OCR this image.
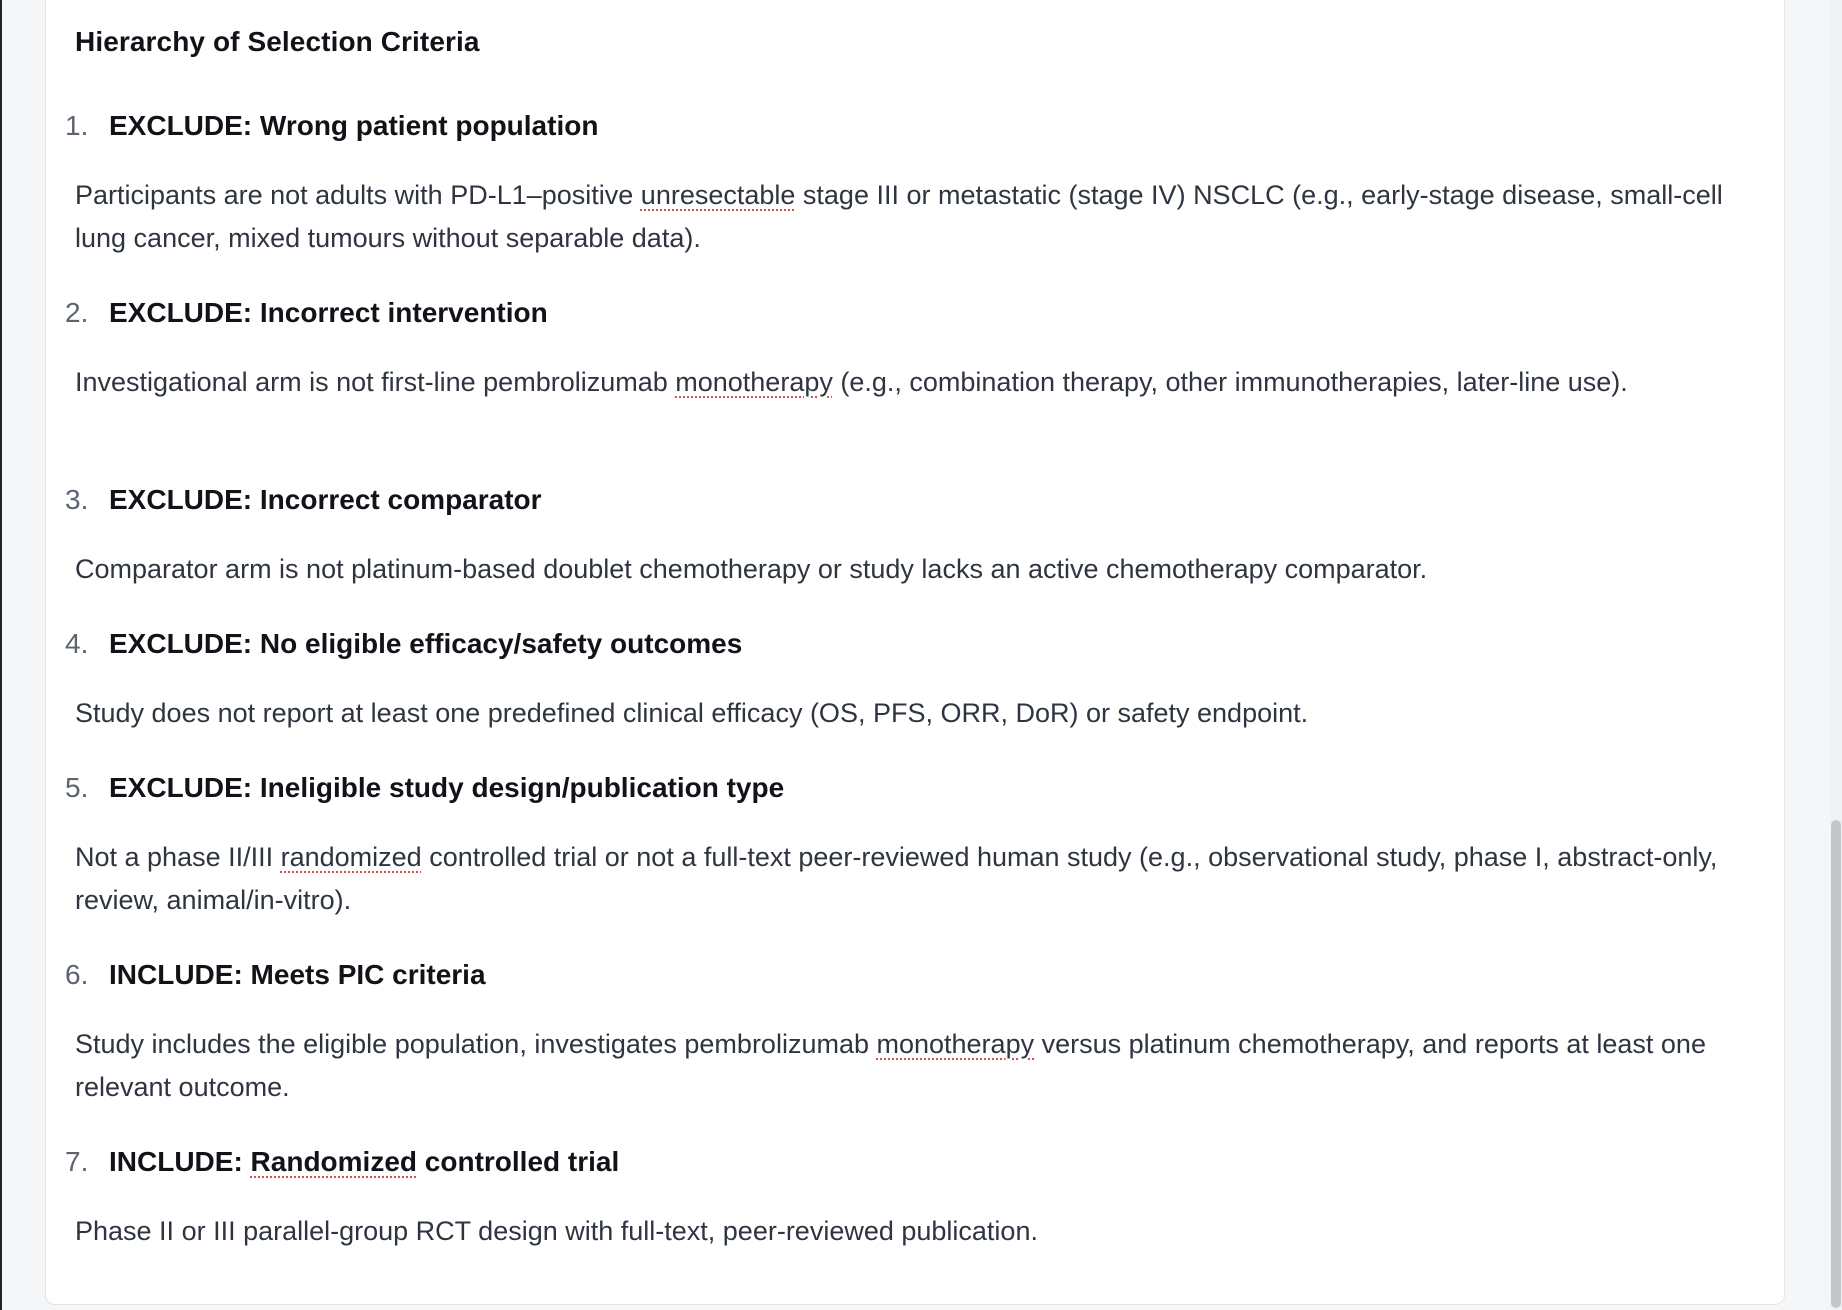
Hierarchy of Selection Criteria
1. EXCLUDE: Wrong patient population

Participants are not adults with PD-L1–positive unresectable stage III or metastatic (stage IV) NSCLC (e.g., early-stage disease, small-cell lung cancer, mixed tumours without separable data).

2. EXCLUDE: Incorrect intervention

Investigational arm is not first-line pembrolizumab monotherapy (e.g., combination therapy, other immunotherapies, later-line use).

3. EXCLUDE: Incorrect comparator

Comparator arm is not platinum-based doublet chemotherapy or study lacks an active chemotherapy comparator.

4. EXCLUDE: No eligible efficacy/safety outcomes

Study does not report at least one predefined clinical efficacy (OS, PFS, ORR, DoR) or safety endpoint.

5. EXCLUDE: Ineligible study design/publication type

Not a phase II/III randomized controlled trial or not a full-text peer-reviewed human study (e.g., observational study, phase I, abstract-only, review, animal/in-vitro).

6. INCLUDE: Meets PIC criteria

Study includes the eligible population, investigates pembrolizumab monotherapy versus platinum chemotherapy, and reports at least one relevant outcome.

7. INCLUDE: Randomized controlled trial

Phase II or III parallel-group RCT design with full-text, peer-reviewed publication.
